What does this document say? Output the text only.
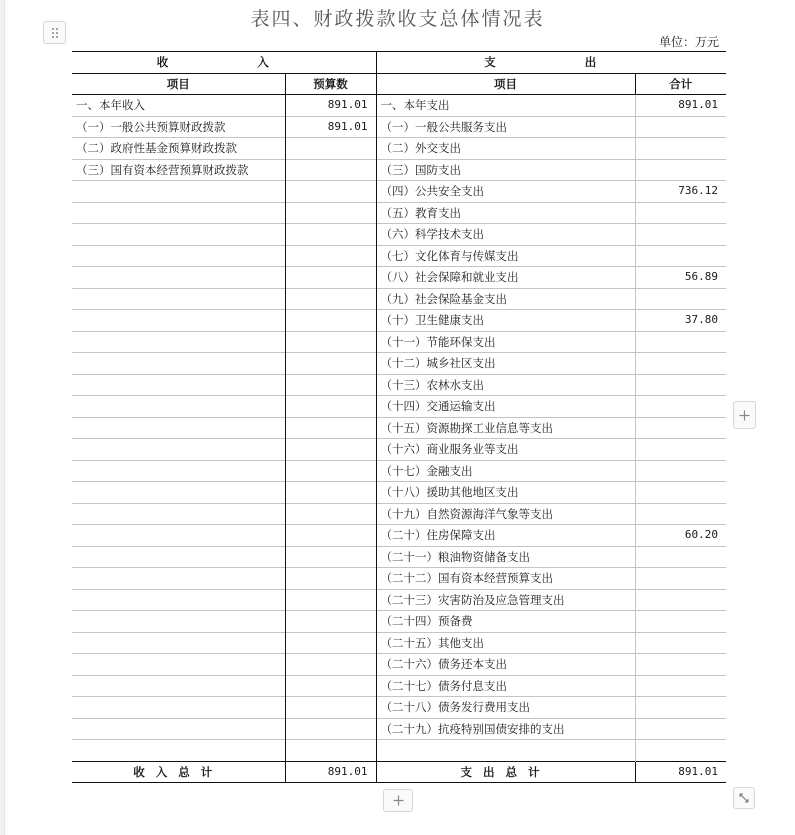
表四、财政拨款收支总体情况表
单位：万元
收　　入		支　　出	
项目	预算数	项目	合计
一、本年收入	891.01	一、本年支出	891.01
（一）一般公共预算财政拨款	891.01	（一）一般公共服务支出	
（二）政府性基金预算财政拨款		（二）外交支出	
（三）国有资本经营预算财政拨款		（三）国防支出	
		（四）公共安全支出	736.12
		（五）教育支出	
		（六）科学技术支出	
		（七）文化体育与传媒支出	
		（八）社会保障和就业支出	56.89
		（九）社会保险基金支出	
		（十）卫生健康支出	37.80
		（十一）节能环保支出	
		（十二）城乡社区支出	
		（十三）农林水支出	
		（十四）交通运输支出	
		（十五）资源勘探工业信息等支出	
		（十六）商业服务业等支出	
		（十七）金融支出	
		（十八）援助其他地区支出	
		（十九）自然资源海洋气象等支出	
		（二十）住房保障支出	60.20
		（二十一）粮油物资储备支出	
		（二十二）国有资本经营预算支出	
		（二十三）灾害防治及应急管理支出	
		（二十四）预备费	
		（二十五）其他支出	
		（二十六）债务还本支出	
		（二十七）债务付息支出	
		（二十八）债务发行费用支出	
		（二十九）抗疫特别国债安排的支出	

收入总计	891.01	支出总计	891.01
